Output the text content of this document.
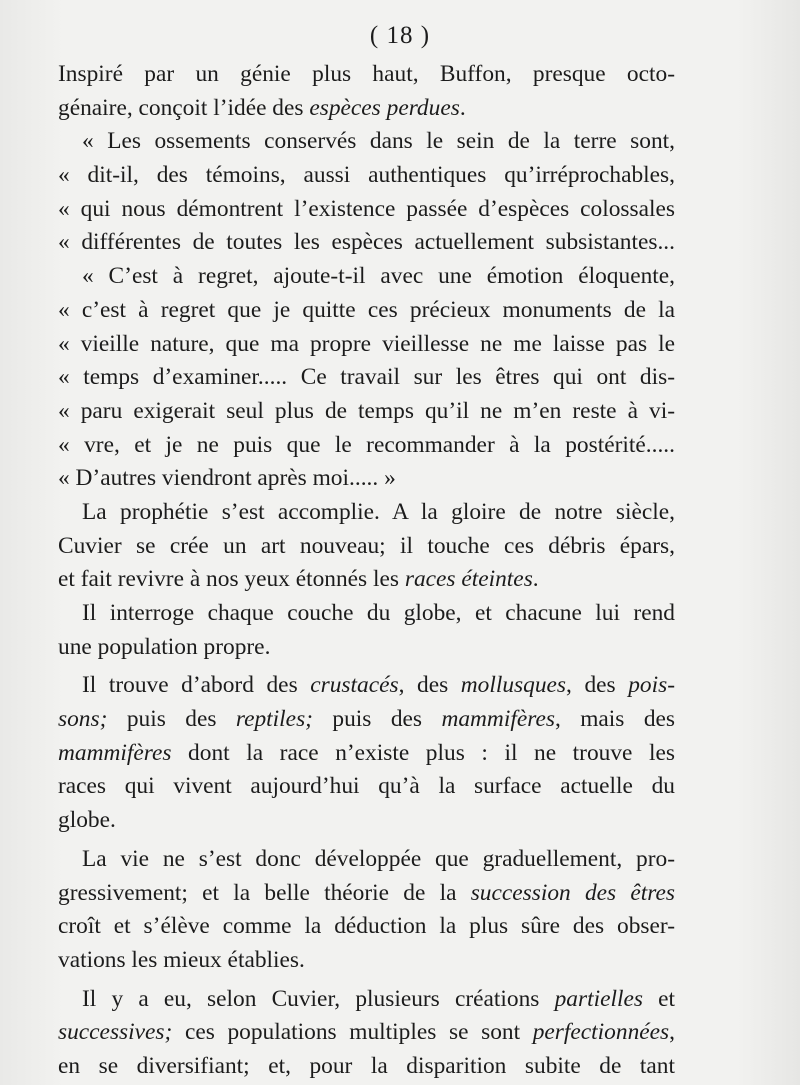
( 18 )
Inspiré par un génie plus haut, Buffon, presque octo-
génaire, conçoit l’idée des espèces perdues.
« Les ossements conservés dans le sein de la terre sont,
« dit-il, des témoins, aussi authentiques qu’irréprochables,
« qui nous démontrent l’existence passée d’espèces colossales
« différentes de toutes les espèces actuellement subsistantes...
« C’est à regret, ajoute-t-il avec une émotion éloquente,
« c’est à regret que je quitte ces précieux monuments de la
« vieille nature, que ma propre vieillesse ne me laisse pas le
« temps d’examiner..... Ce travail sur les êtres qui ont dis-
« paru exigerait seul plus de temps qu’il ne m’en reste à vi-
« vre, et je ne puis que le recommander à la postérité.....
« D’autres viendront après moi..... »
La prophétie s’est accomplie. A la gloire de notre siècle,
Cuvier se crée un art nouveau; il touche ces débris épars,
et fait revivre à nos yeux étonnés les races éteintes.
Il interroge chaque couche du globe, et chacune lui rend
une population propre.
Il trouve d’abord des crustacés, des mollusques, des pois-
sons; puis des reptiles; puis des mammifères, mais des
mammifères dont la race n’existe plus : il ne trouve les
races qui vivent aujourd’hui qu’à la surface actuelle du
globe.
La vie ne s’est donc développée que graduellement, pro-
gressivement; et la belle théorie de la succession des êtres
croît et s’élève comme la déduction la plus sûre des obser-
vations les mieux établies.
Il y a eu, selon Cuvier, plusieurs créations partielles et
successives; ces populations multiples se sont perfectionnées,
en se diversifiant; et, pour la disparition subite de tant
